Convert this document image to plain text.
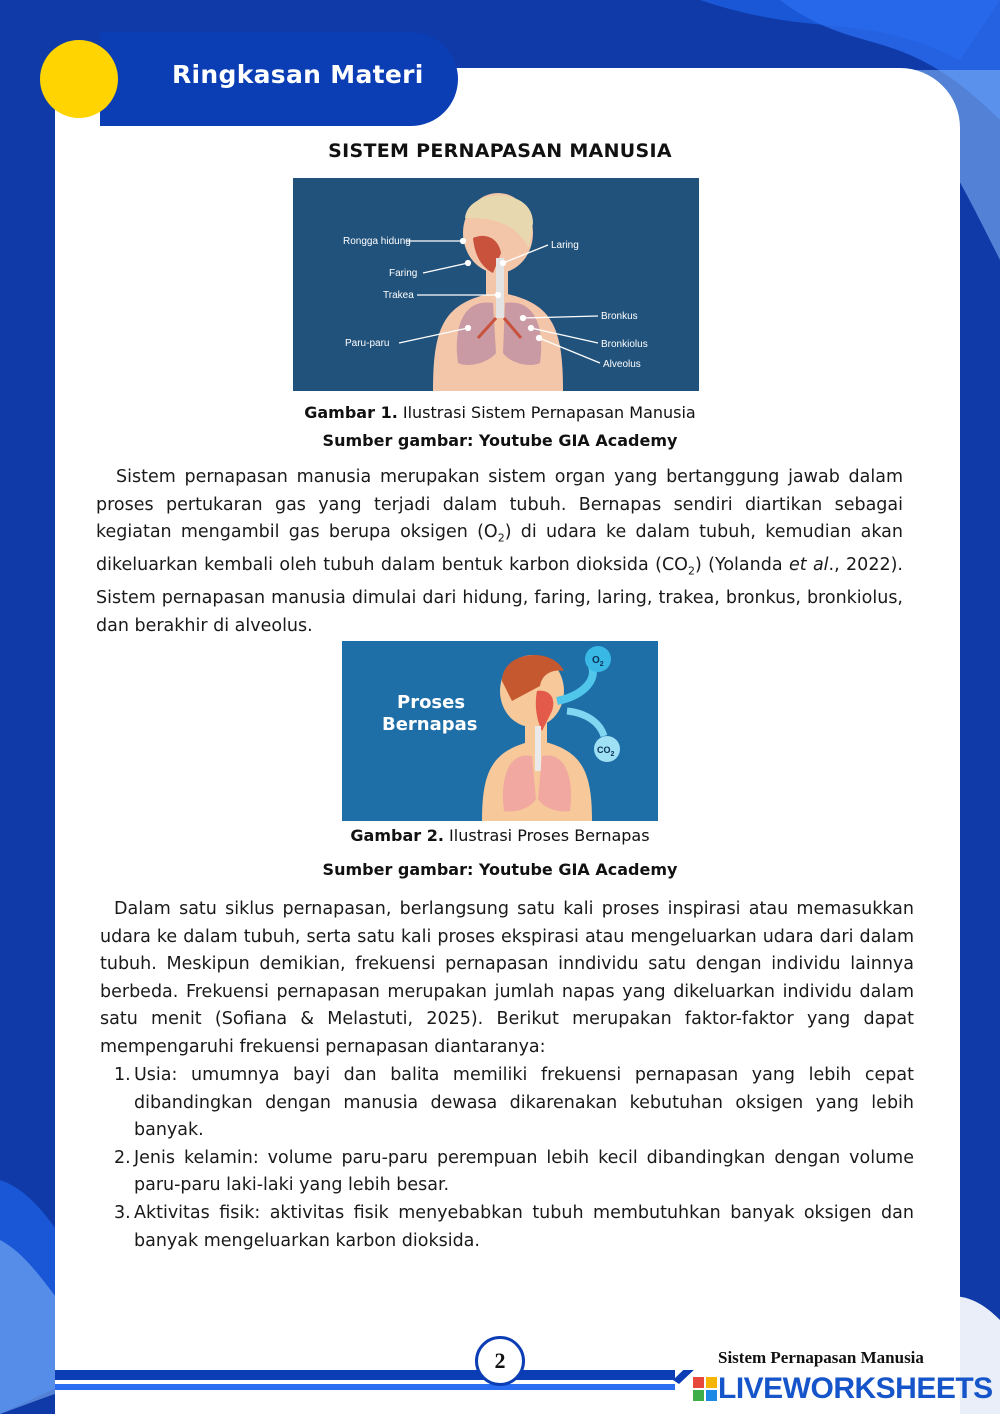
Ringkasan Materi
SISTEM PERNAPASAN MANUSIA
Rongga hidung
Faring
Trakea
Paru-paru
Laring
Bronkus
Bronkiolus
Alveolus
Gambar 1. Ilustrasi Sistem Pernapasan Manusia
Sumber gambar: Youtube GIA Academy
Sistem pernapasan manusia merupakan sistem organ yang bertanggung jawab dalam proses pertukaran gas yang terjadi dalam tubuh. Bernapas sendiri diartikan sebagai kegiatan mengambil gas berupa oksigen $(O_2)$ di udara ke dalam tubuh, kemudian akan dikeluarkan kembali oleh tubuh dalam bentuk karbon dioksida $(CO_2)$ (Yolanda et al., 2022). Sistem pernapasan manusia dimulai dari hidung, faring, laring, trakea, bronkus, bronkiolus, dan berakhir di alveolus.
$O_2$
$CO_2$
Proses
Bernapas
Gambar 2. Ilustrasi Proses Bernapas
Sumber gambar: Youtube GIA Academy
Dalam satu siklus pernapasan, berlangsung satu kali proses inspirasi atau memasukkan udara ke dalam tubuh, serta satu kali proses ekspirasi atau mengeluarkan udara dari dalam tubuh. Meskipun demikian, frekuensi pernapasan inndividu satu dengan individu lainnya berbeda. Frekuensi pernapasan merupakan jumlah napas yang dikeluarkan individu dalam satu menit (Sofiana & Melastuti, 2025). Berikut merupakan faktor-faktor yang dapat mempengaruhi frekuensi pernapasan diantaranya:
1. Usia: umumnya bayi dan balita memiliki frekuensi pernapasan yang lebih cepat dibandingkan dengan manusia dewasa dikarenakan kebutuhan oksigen yang lebih banyak.
2. Jenis kelamin: volume paru-paru perempuan lebih kecil dibandingkan dengan volume paru-paru laki-laki yang lebih besar.
3. Aktivitas fisik: aktivitas fisik menyebabkan tubuh membutuhkan banyak oksigen dan banyak mengeluarkan karbon dioksida.
2	Sistem Pernapasan Manusia
LIVEWORKSHEETS
